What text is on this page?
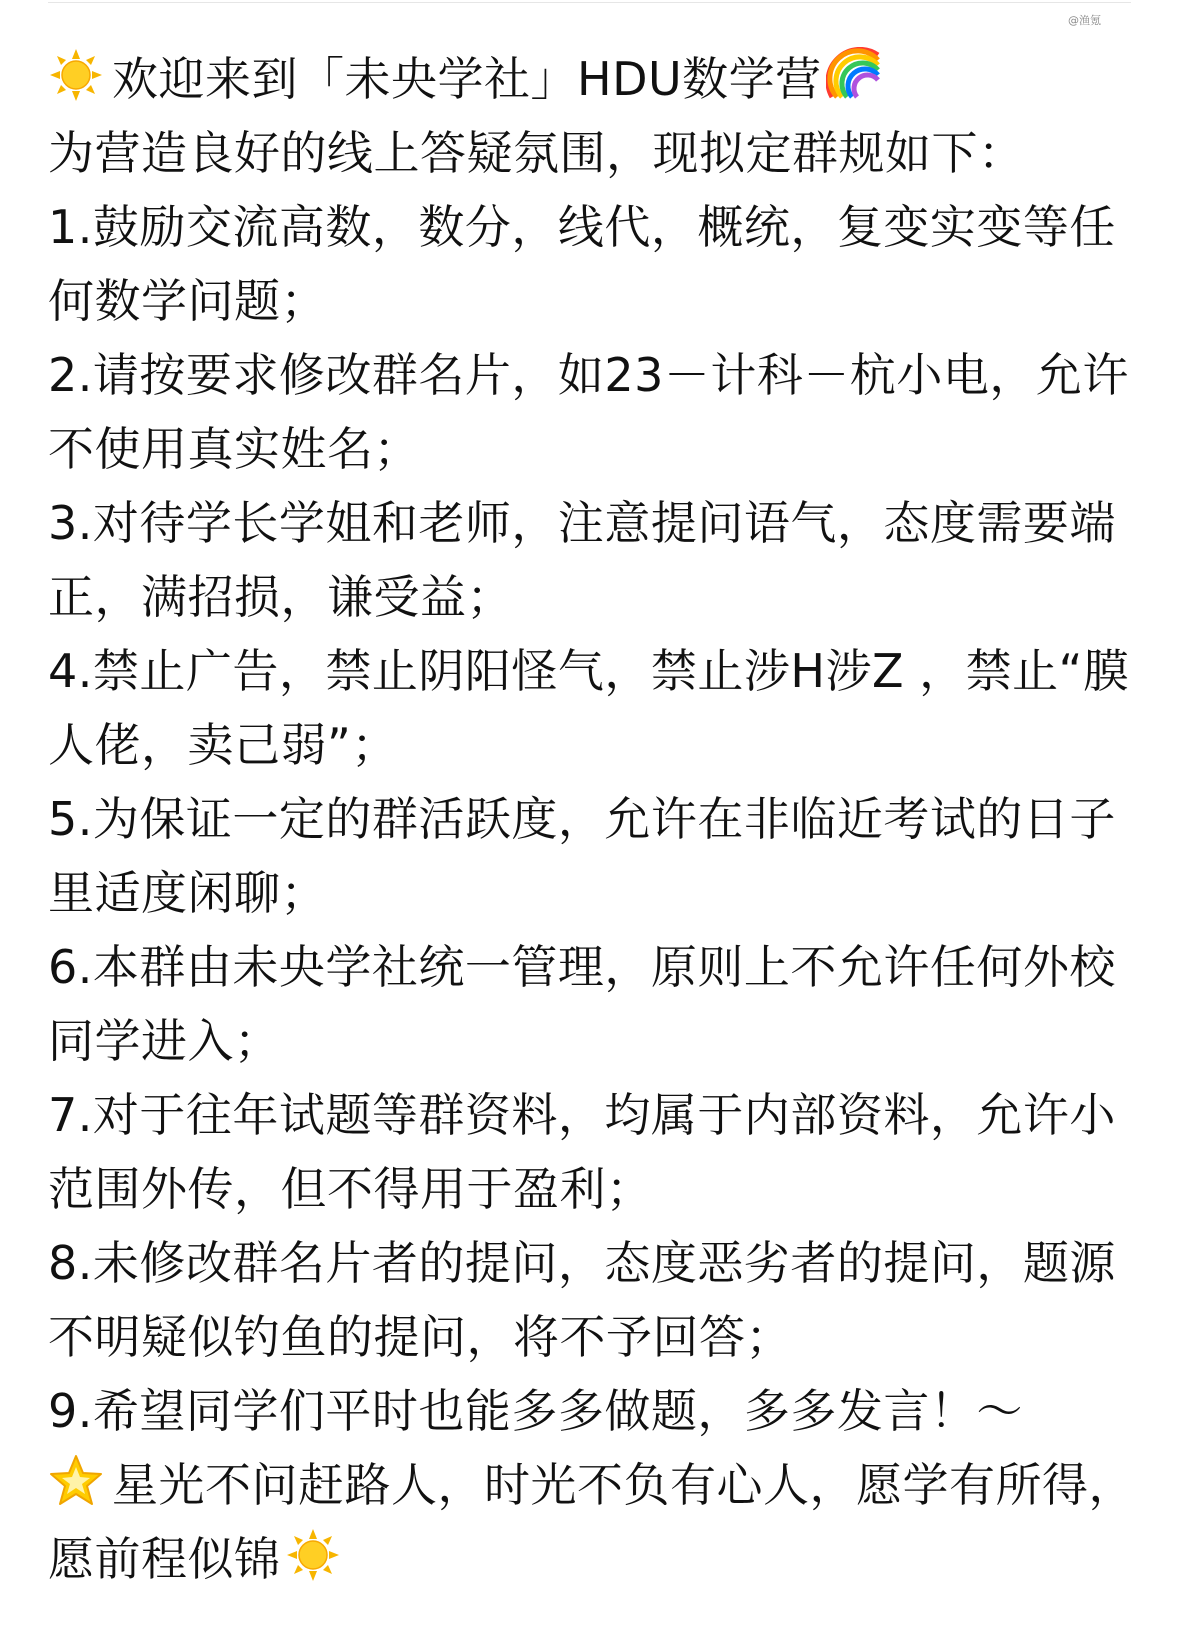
@渔氪
欢迎来到「未央学社」HDU数学营
为营造良好的线上答疑氛围，现拟定群规如下：
1.鼓励交流高数，数分，线代，概统，复变实变等任何数学问题；
2.请按要求修改群名片，如23－计科－杭小电，允许不使用真实姓名；
3.对待学长学姐和老师，注意提问语气，态度需要端正，满招损，谦受益；
4.禁止广告，禁止阴阳怪气，禁止涉H涉Z ，禁止“膜人佬，卖己弱”；
5.为保证一定的群活跃度，允许在非临近考试的日子里适度闲聊；
6.本群由未央学社统一管理，原则上不允许任何外校同学进入；
7.对于往年试题等群资料，均属于内部资料，允许小范围外传，但不得用于盈利；
8.未修改群名片者的提问，态度恶劣者的提问，题源不明疑似钓鱼的提问，将不予回答；
9.希望同学们平时也能多多做题，多多发言！～
星光不问赶路人，时光不负有心人，愿学有所得，愿前程似锦
